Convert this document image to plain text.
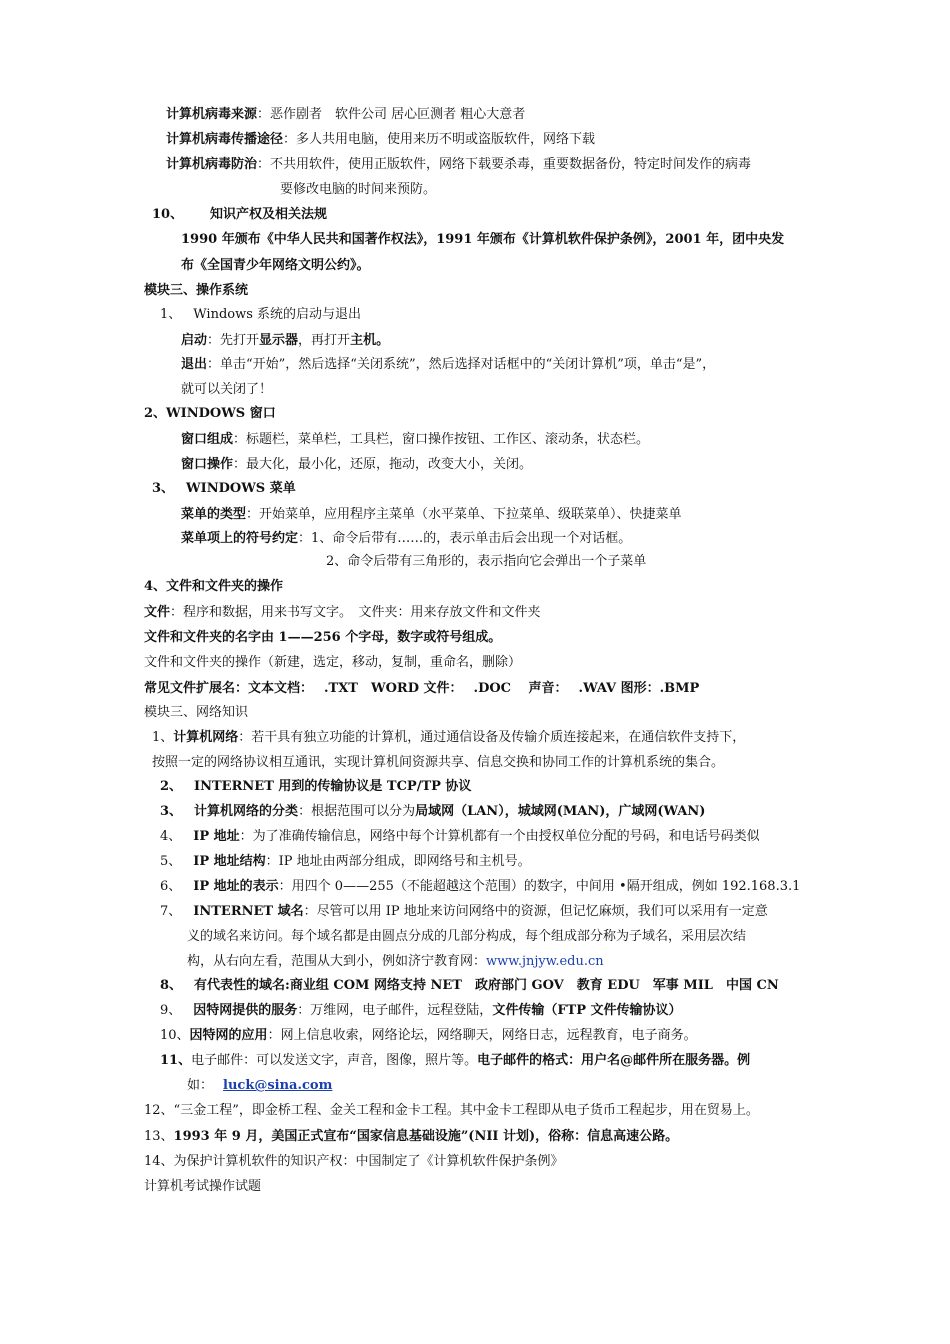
计算机病毒来源：恶作剧者　软件公司 居心叵测者 粗心大意者
计算机病毒传播途径：多人共用电脑，使用来历不明或盗版软件，网络下载
计算机病毒防治：不共用软件，使用正版软件，网络下载要杀毒，重要数据备份，特定时间发作的病毒
要修改电脑的时间来预防。
10、 知识产权及相关法规
1990 年颁布《中华人民共和国著作权法》，1991 年颁布《计算机软件保护条例》，2001 年，团中央发
布《全国青少年网络文明公约》。
模块三、操作系统
1、 Windows 系统的启动与退出
启动：先打开显示器，再打开主机。
退出：单击“开始”，然后选择“关闭系统”，然后选择对话框中的“关闭计算机”项，单击“是”，
就可以关闭了！
2、WINDOWS 窗口
窗口组成：标题栏，菜单栏，工具栏，窗口操作按钮、工作区、滚动条，状态栏。
窗口操作：最大化，最小化，还原，拖动，改变大小，关闭。
3、 WINDOWS 菜单
菜单的类型：开始菜单，应用程序主菜单（水平菜单、下拉菜单、级联菜单）、快捷菜单
菜单项上的符号约定：1、命令后带有……的，表示单击后会出现一个对话框。
2、命令后带有三角形的，表示指向它会弹出一个子菜单
4、文件和文件夹的操作
文件：程序和数据，用来书写文字。　文件夹：用来存放文件和文件夹
文件和文件夹的名字由 1——256 个字母，数字或符号组成。
文件和文件夹的操作（新建，选定，移动，复制，重命名，删除）
常见文件扩展名：文本文档：　 .TXT　WORD 文件：　 .DOC　 声音：　 .WAV 图形：.BMP
模块三、网络知识
1、计算机网络：若干具有独立功能的计算机，通过通信设备及传输介质连接起来，在通信软件支持下，
按照一定的网络协议相互通讯，实现计算机间资源共享、信息交换和协同工作的计算机系统的集合。
2、 INTERNET 用到的传输协议是 TCP/TP 协议
3、 计算机网络的分类：根据范围可以分为局域网（LAN），城域网(MAN)，广域网(WAN)
4、 IP 地址：为了准确传输信息，网络中每个计算机都有一个由授权单位分配的号码，和电话号码类似
5、 IP 地址结构：IP 地址由两部分组成，即网络号和主机号。
6、 IP 地址的表示：用四个 0——255（不能超越这个范围）的数字，中间用 •隔开组成，例如 192.168.3.1
7、 INTERNET 域名：尽管可以用 IP 地址来访问网络中的资源，但记忆麻烦，我们可以采用有一定意
义的域名来访问。每个域名都是由圆点分成的几部分构成，每个组成部分称为子域名，采用层次结
构，从右向左看，范围从大到小，例如济宁教育网：www.jnjyw.edu.cn
8、 有代表性的域名:商业组 COM 网络支持 NET　政府部门 GOV　教育 EDU　军事 MIL　中国 CN
9、 因特网提供的服务：万维网，电子邮件，远程登陆，文件传输（FTP 文件传输协议）
10、因特网的应用：网上信息收索，网络论坛，网络聊天，网络日志，远程教育，电子商务。
11、电子邮件：可以发送文字，声音，图像，照片等。电子邮件的格式：用户名@邮件所在服务器。例
如： luck@sina.com
12、“三金工程”，即金桥工程、金关工程和金卡工程。其中金卡工程即从电子货币工程起步，用在贸易上。
13、1993 年 9 月，美国正式宣布“国家信息基础设施”(NII 计划)，俗称：信息高速公路。
14、为保护计算机软件的知识产权：中国制定了《计算机软件保护条例》
计算机考试操作试题
